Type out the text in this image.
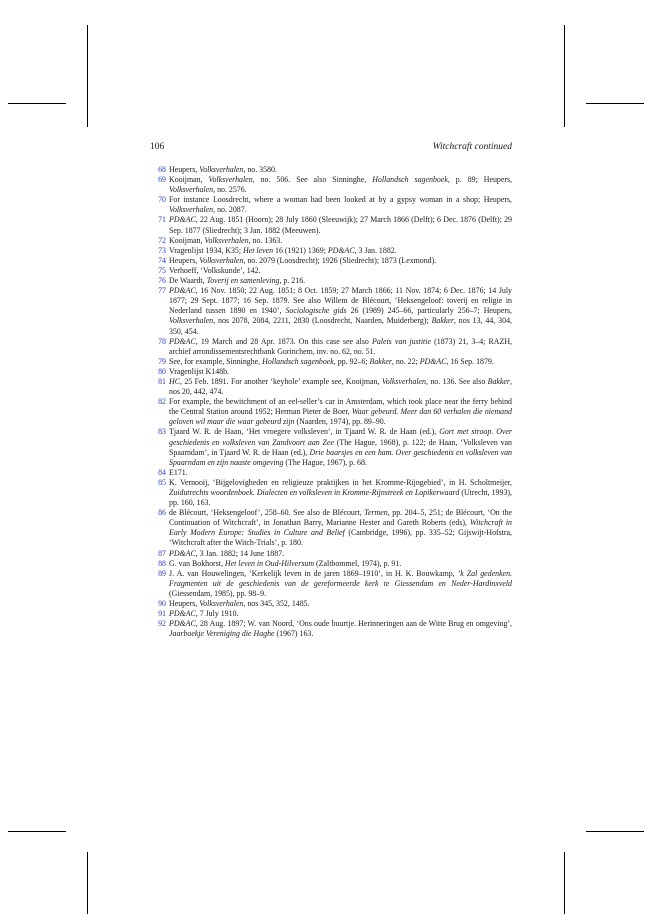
106	Witchcraft continued
68 Heupers, Volksverhalen, no. 3580.
69 Kooijman, Volksverhalen, no. 506. See also Sinninghe, Hollandsch sagenboek, p. 89; Heupers, Volksverhalen, no. 2576.
70 For instance Loosdrecht, where a woman had been looked at by a gypsy woman in a shop; Heupers, Volksverhalen, no. 2087.
71 PD&AC, 22 Aug. 1851 (Hoorn); 28 July 1860 (Sleeuwijk); 27 March 1866 (Delft); 6 Dec. 1876 (Delft); 29 Sep. 1877 (Sliedrecht); 3 Jan. 1882 (Meeuwen).
72 Kooijman, Volksverhalen, no. 1363.
73 Vragenlijst 1934, K35; Het leven 16 (1921) 1369; PD&AC, 3 Jan. 1882.
74 Heupers, Volksverhalen, no. 2079 (Loosdrecht); 1926 (Sliedrecht); 1873 (Lexmond).
75 Verhoeff, ‘Volkskunde’, 142.
76 De Waardt, Toverij en samenleving, p. 216.
77 PD&AC, 16 Nov. 1850; 22 Aug. 1851; 8 Oct. 1859; 27 March 1866; 11 Nov. 1874; 6 Dec. 1876; 14 July 1877; 29 Sept. 1877; 16 Sep. 1879. See also Willem de Blécourt, ‘Heksengeloof: toverij en religie in Nederland tussen 1890 en 1940’, Sociologische gids 26 (1989) 245–66, particularly 256–7; Heupers, Volksverhalen, nos 2078, 2084, 2211, 2830 (Loosdrecht, Naarden, Muiderberg); Bakker, nos 13, 44, 304, 350, 454.
78 PD&AC, 19 March and 28 Apr. 1873. On this case see also Paleis van justitie (1873) 21, 3–4; RAZH, archief arrondissementsrechtbank Gorinchem, inv. no. 62, no. 51.
79 See, for example, Sinninghe, Hollandsch sagenboek, pp. 92–6; Bakker, no. 22; PD&AC, 16 Sep. 1879.
80 Vragenlijst K148b.
81 HC, 25 Feb. 1891. For another ‘keyhole’ example see, Kooijman, Volksverhalen, no. 136. See also Bakker, nos 20, 442, 474.
82 For example, the bewitchment of an eel-seller’s car in Amsterdam, which took place near the ferry behind the Central Station around 1952; Herman Pieter de Boer, Waar gebeurd. Meer dan 60 verhalen die niemand geloven wil maar die waar gebeurd zijn (Naarden, 1974), pp. 89–90.
83 Tjaard W. R. de Haan, ‘Het vroegere volksleven’, in Tjaard W. R. de Haan (ed.), Gort met stroop. Over geschiedenis en volksleven van Zandvoort aan Zee (The Hague, 1968), p. 122; de Haan, ‘Volksleven van Spaarndam’, in Tjaard W. R. de Haan (ed.), Drie baarsjes en een ham. Over geschiedenis en volksleven van Spaarndam en zijn naaste omgeving (The Hague, 1967), p. 68.
84 E171.
85 K. Vernooij, ‘Bijgelovigheden en religieuze praktijken in het Kromme-Rijngebied’, in H. Scholtmeijer, Zuidutrechts woordenboek. Dialecten en volksleven in Kromme-Rijnstreek en Lopikerwaard (Utrecht, 1993), pp. 160, 163.
86 de Blécourt, ‘Heksengeloof’, 258–60. See also de Blécourt, Termen, pp. 204–5, 251; de Blécourt, ‘On the Continuation of Witchcraft’, in Jonathan Barry, Marianne Hester and Gareth Roberts (eds), Witchcraft in Early Modern Europe: Studies in Culture and Belief (Cambridge, 1996), pp. 335–52; Gijswijt-Hofstra, ‘Witchcraft after the Witch-Trials’, p. 180.
87 PD&AC, 3 Jan. 1882; 14 June 1887.
88 G. van Bokhorst, Het leven in Oud-Hilversum (Zaltbommel, 1974), p. 91.
89 J. A. van Houwelingen, ‘Kerkelijk leven in de jaren 1869–1910’, in H. K. Bouwkamp, ’k Zal gedenken. Fragmenten uit de geschiedenis van de gereformeerde kerk te Giessendam en Neder-Hardinxveld (Giessendam, 1985), pp. 98–9.
90 Heupers, Volksverhalen, nos 345, 352, 1485.
91 PD&AC, 7 July 1910.
92 PD&AC, 28 Aug. 1897; W. van Noord, ‘Ons oude buurtje. Herinneringen aan de Witte Brug en omgeving’, Jaarboekje Vereniging die Haghe (1967) 163.
